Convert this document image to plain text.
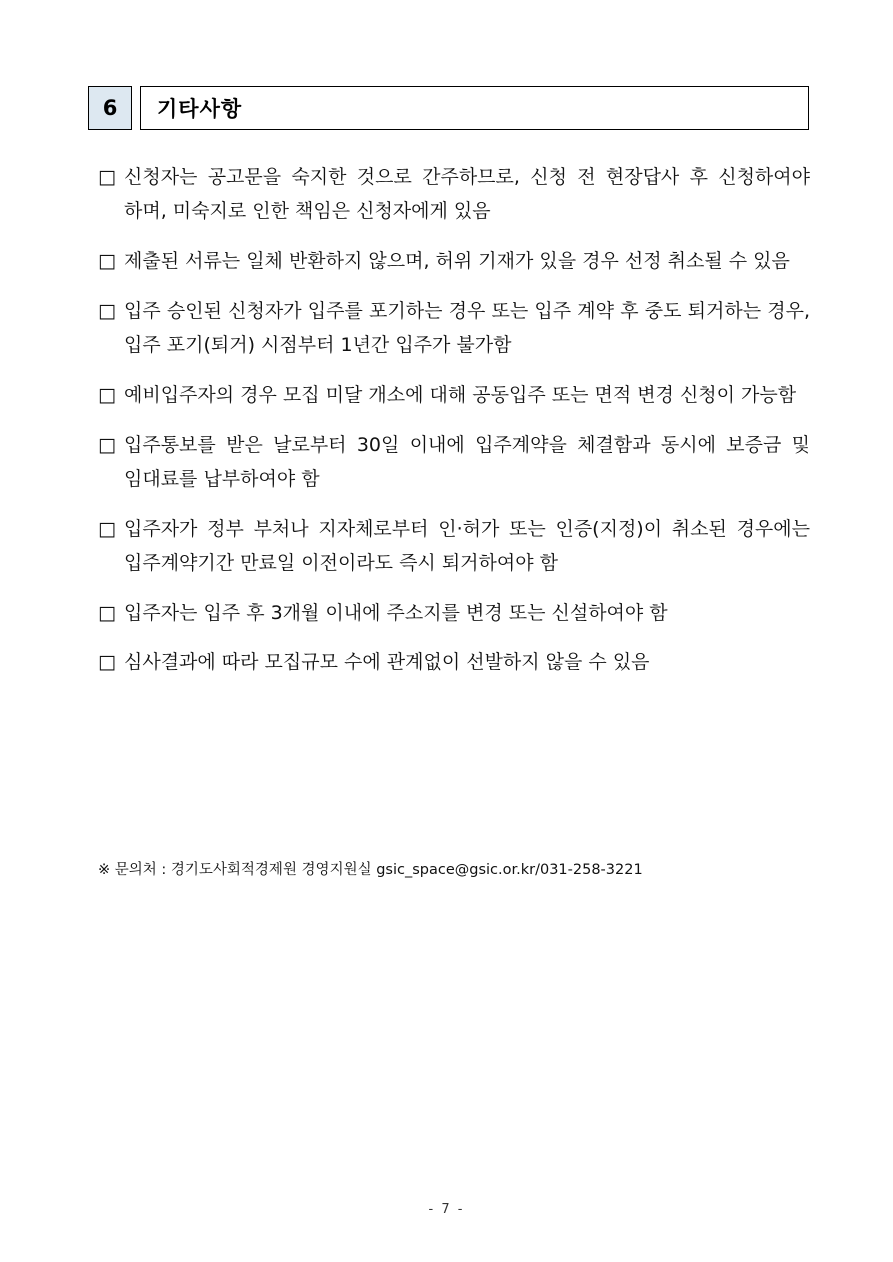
6	기타사항
□ 신청자는 공고문을 숙지한 것으로 간주하므로, 신청 전 현장답사 후 신청하여야 하며, 미숙지로 인한 책임은 신청자에게 있음
□ 제출된 서류는 일체 반환하지 않으며, 허위 기재가 있을 경우 선정 취소될 수 있음
□ 입주 승인된 신청자가 입주를 포기하는 경우 또는 입주 계약 후 중도 퇴거하는 경우, 입주 포기(퇴거) 시점부터 1년간 입주가 불가함
□ 예비입주자의 경우 모집 미달 개소에 대해 공동입주 또는 면적 변경 신청이 가능함
□ 입주통보를 받은 날로부터 30일 이내에 입주계약을 체결함과 동시에 보증금 및 임대료를 납부하여야 함
□ 입주자가 정부 부처나 지자체로부터 인·허가 또는 인증(지정)이 취소된 경우에는 입주계약기간 만료일 이전이라도 즉시 퇴거하여야 함
□ 입주자는 입주 후 3개월 이내에 주소지를 변경 또는 신설하여야 함
□ 심사결과에 따라 모집규모 수에 관계없이 선발하지 않을 수 있음
※ 문의처 : 경기도사회적경제원 경영지원실 gsic_space@gsic.or.kr/031-258-3221
- 7 -
